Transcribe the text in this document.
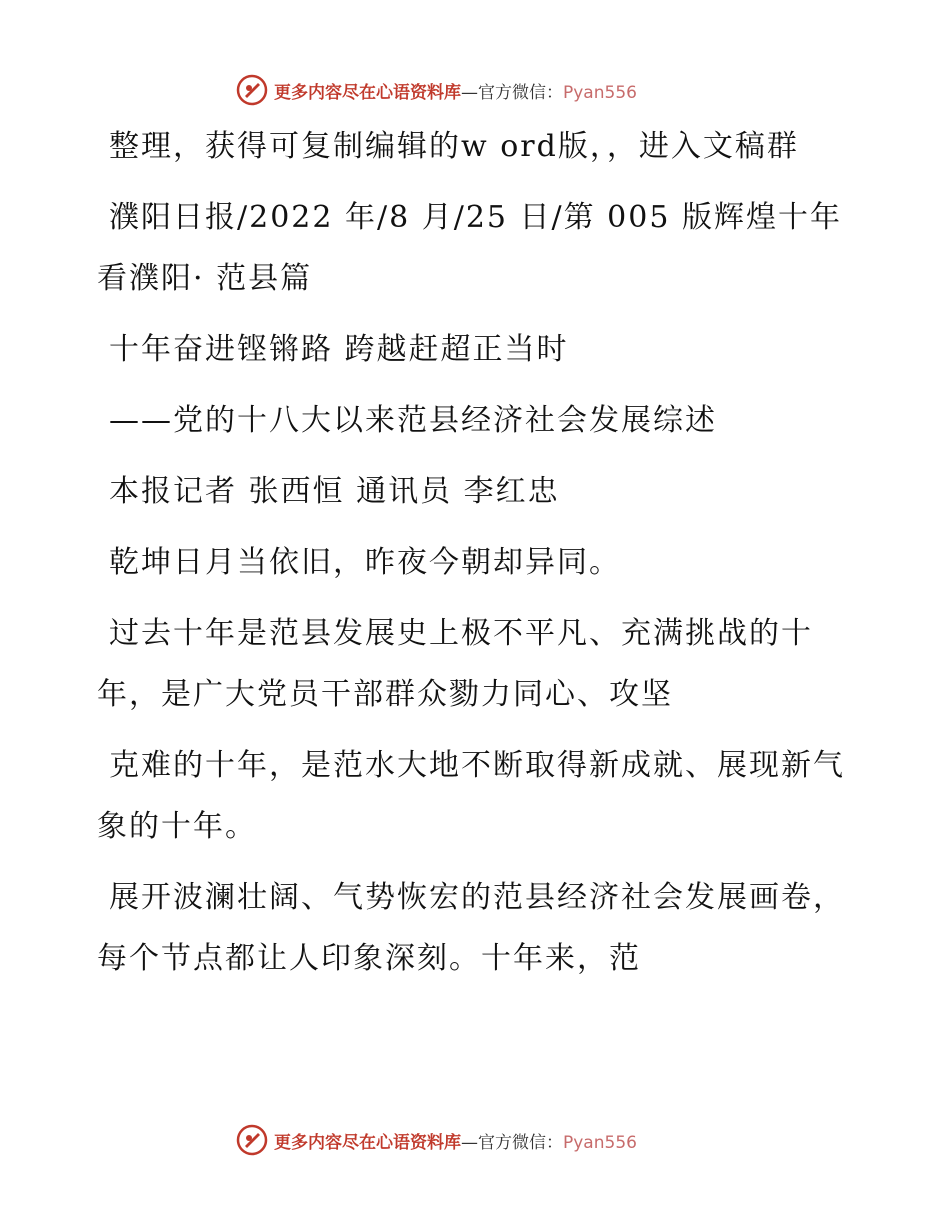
更多内容尽在心语资料库—官方微信：Pyan556

整理，获得可复制编辑的w ord版，，进入文稿群

濮阳日报/2022 年/8 月/25 日/第 005 版辉煌十年看濮阳· 范县篇

十年奋进铿锵路 跨越赶超正当时

——党的十八大以来范县经济社会发展综述

本报记者 张西恒 通讯员 李红忠

乾坤日月当依旧，昨夜今朝却异同。

过去十年是范县发展史上极不平凡、充满挑战的十年，是广大党员干部群众勠力同心、攻坚

克难的十年，是范水大地不断取得新成就、展现新气象的十年。

展开波澜壮阔、气势恢宏的范县经济社会发展画卷，每个节点都让人印象深刻。十年来，范

更多内容尽在心语资料库—官方微信：Pyan556
